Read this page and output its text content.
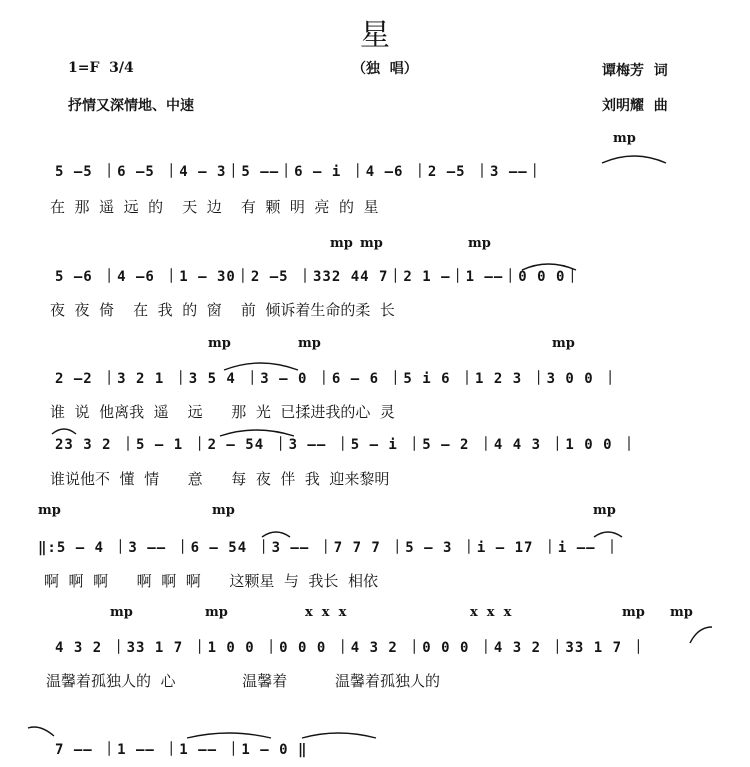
星
1=F  3/4	（独  唱）
抒情又深情地、中速
谭梅芳  词
刘明耀  曲
mp
5 —5 ｜6 —5 ｜4 — 3｜5 ——｜6 — i ｜4 —6 ｜2 —5 ｜3 ——｜
在  那  遥  远  的    天  边    有  颗  明  亮  的  星
mp mp	mp
5 —6 ｜4 —6 ｜1 — 30｜2 —5 ｜332 44 7｜2 1 —｜1 ——｜0 0 0｜
夜  夜  倚    在  我  的  窗    前  倾诉着生命的柔  长
mp	mp	mp
2 —2 ｜3 2 1 ｜3 5 4 ｜3 — 0 ｜6 — 6 ｜5 i 6 ｜1 2 3 ｜3 0 0 ｜
谁  说  他离我  遥    远      那  光  已揉进我的心  灵
23 3 2 ｜5 — 1 ｜2 — 54 ｜3 —— ｜5 — i ｜5 — 2 ｜4 4 3 ｜1 0 0 ｜
谁说他不  懂  情      意      每  夜  伴  我  迎来黎明
mp	mp	mp
‖:5 — 4 ｜3 —— ｜6 — 54 ｜3 —— ｜7 7 7 ｜5 — 3 ｜i — 17 ｜i —— ｜
啊  啊  啊      啊  啊  啊      这颗星  与  我长  相依
mp	mp	x  x  x	x  x  x	mp mp
4 3 2 ｜33 1 7 ｜1 0 0 ｜0 0 0 ｜4 3 2 ｜0 0 0 ｜4 3 2 ｜33 1 7 ｜
温馨着孤独人的  心              温馨着          温馨着孤独人的
7 —— ｜1 —— ｜1 —— ｜1 — 0 ‖
